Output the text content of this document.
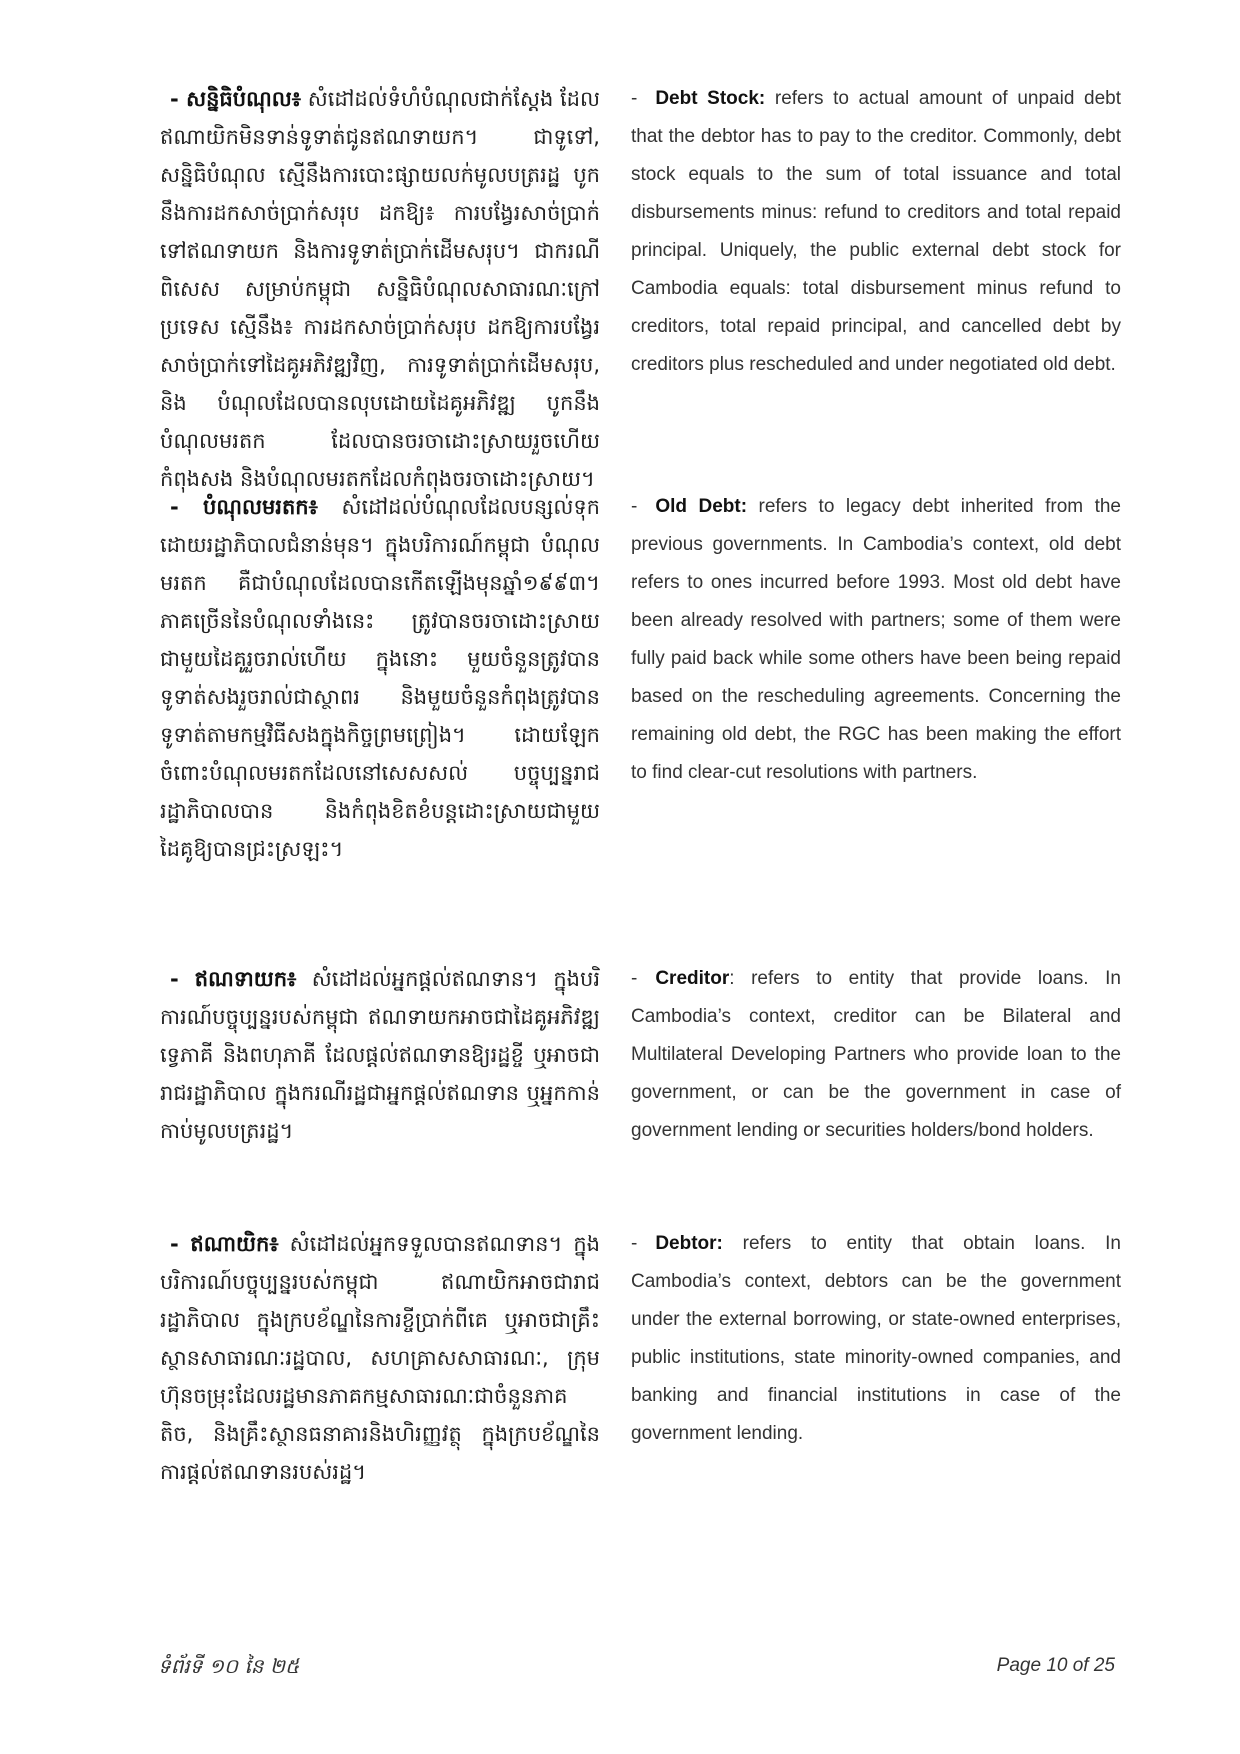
- សន្និធិបំណុល៖ សំដៅដល់ទំហំបំណុលជាក់ស្តែង ដែលឥណាយិកមិនទាន់ទូទាត់ជូនឥណទាយក។ ជាទូទៅ, សន្និធិបំណុល ស្មើនឹងការបោះផ្សាយលក់មូលបត្ររដ្ឋ បូកនឹងការដកសាច់ប្រាក់សរុប ដកឱ្យ៖ ការបង្វែរសាច់ប្រាក់ទៅឥណទាយក និងការទូទាត់ប្រាក់ដើមសរុប។ ជាករណីពិសេស សម្រាប់កម្ពុជា សន្និធិបំណុលសាធារណៈក្រៅប្រទេស ស្មើនឹង៖ ការដកសាច់ប្រាក់សរុប ដកឱ្យការបង្វែរសាច់ប្រាក់ទៅដៃគូអភិវឌ្ឍវិញ, ការទូទាត់ប្រាក់ដើមសរុប, និង បំណុលដែលបានលុបដោយដៃគូអភិវឌ្ឍ បូកនឹងបំណុលមរតក ដែលបានចរចាដោះស្រាយរួចហើយកំពុងសង និងបំណុលមរតកដែលកំពុងចរចាដោះស្រាយ។
- Debt Stock: refers to actual amount of unpaid debt that the debtor has to pay to the creditor. Commonly, debt stock equals to the sum of total issuance and total disbursements minus: refund to creditors and total repaid principal. Uniquely, the public external debt stock for Cambodia equals: total disbursement minus refund to creditors, total repaid principal, and cancelled debt by creditors plus rescheduled and under negotiated old debt.
- បំណុលមរតក៖ សំដៅដល់បំណុលដែលបន្សល់ទុកដោយរដ្ឋាភិបាលជំនាន់មុន។ ក្នុងបរិការណ៍កម្ពុជា បំណុលមរតក គឺជាបំណុលដែលបានកើតឡើងមុនឆ្នាំ១៩៩៣។ ភាគច្រើននៃបំណុលទាំងនេះ ត្រូវបានចរចាដោះស្រាយជាមួយដៃគូរួចរាល់ហើយ ក្នុងនោះ មួយចំនួនត្រូវបានទូទាត់សងរួចរាល់ជាស្ថាពរ និងមួយចំនួនកំពុងត្រូវបានទូទាត់តាមកម្មវិធីសងក្នុងកិច្ចព្រមព្រៀង។ ដោយឡែកចំពោះបំណុលមរតកដែលនៅសេសសល់ បច្ចុប្បន្នរាជរដ្ឋាភិបាលបាន និងកំពុងខិតខំបន្តដោះស្រាយជាមួយដៃគូឱ្យបានជ្រះស្រឡះ។
- Old Debt: refers to legacy debt inherited from the previous governments. In Cambodia’s context, old debt refers to ones incurred before 1993. Most old debt have been already resolved with partners; some of them were fully paid back while some others have been being repaid based on the rescheduling agreements. Concerning the remaining old debt, the RGC has been making the effort to find clear-cut resolutions with partners.
- ឥណទាយក៖ សំដៅដល់អ្នកផ្តល់ឥណទាន។ ក្នុងបរិការណ៍បច្ចុប្បន្នរបស់កម្ពុជា ឥណទាយកអាចជាដៃគូអភិវឌ្ឍទ្វេភាគី និងពហុភាគី ដែលផ្តល់ឥណទានឱ្យរដ្ឋខ្ចី ឬអាចជារាជរដ្ឋាភិបាល ក្នុងករណីរដ្ឋជាអ្នកផ្តល់ឥណទាន ឬអ្នកកាន់កាប់មូលបត្ររដ្ឋ។
- Creditor: refers to entity that provide loans. In Cambodia’s context, creditor can be Bilateral and Multilateral Developing Partners who provide loan to the government, or can be the government in case of government lending or securities holders/bond holders.
- ឥណាយិក៖ សំដៅដល់អ្នកទទួលបានឥណទាន។ ក្នុងបរិការណ៍បច្ចុប្បន្នរបស់កម្ពុជា ឥណាយិកអាចជារាជរដ្ឋាភិបាល ក្នុងក្របខ័ណ្ឌនៃការខ្ចីប្រាក់ពីគេ ឬអាចជាគ្រឹះស្ថានសាធារណៈរដ្ឋបាល, សហគ្រាសសាធារណៈ, ក្រុមហ៊ុនចម្រុះដែលរដ្ឋមានភាគកម្មសាធារណៈជាចំនួនភាគតិច, និងគ្រឹះស្ថានធនាគារនិងហិរញ្ញវត្ថុ ក្នុងក្របខ័ណ្ឌនៃការផ្តល់ឥណទានរបស់រដ្ឋ។
- Debtor: refers to entity that obtain loans. In Cambodia’s context, debtors can be the government under the external borrowing, or state-owned enterprises, public institutions, state minority-owned companies, and banking and financial institutions in case of the government lending.
ទំព័រទី ១០ នៃ ២៥	Page 10 of 25
